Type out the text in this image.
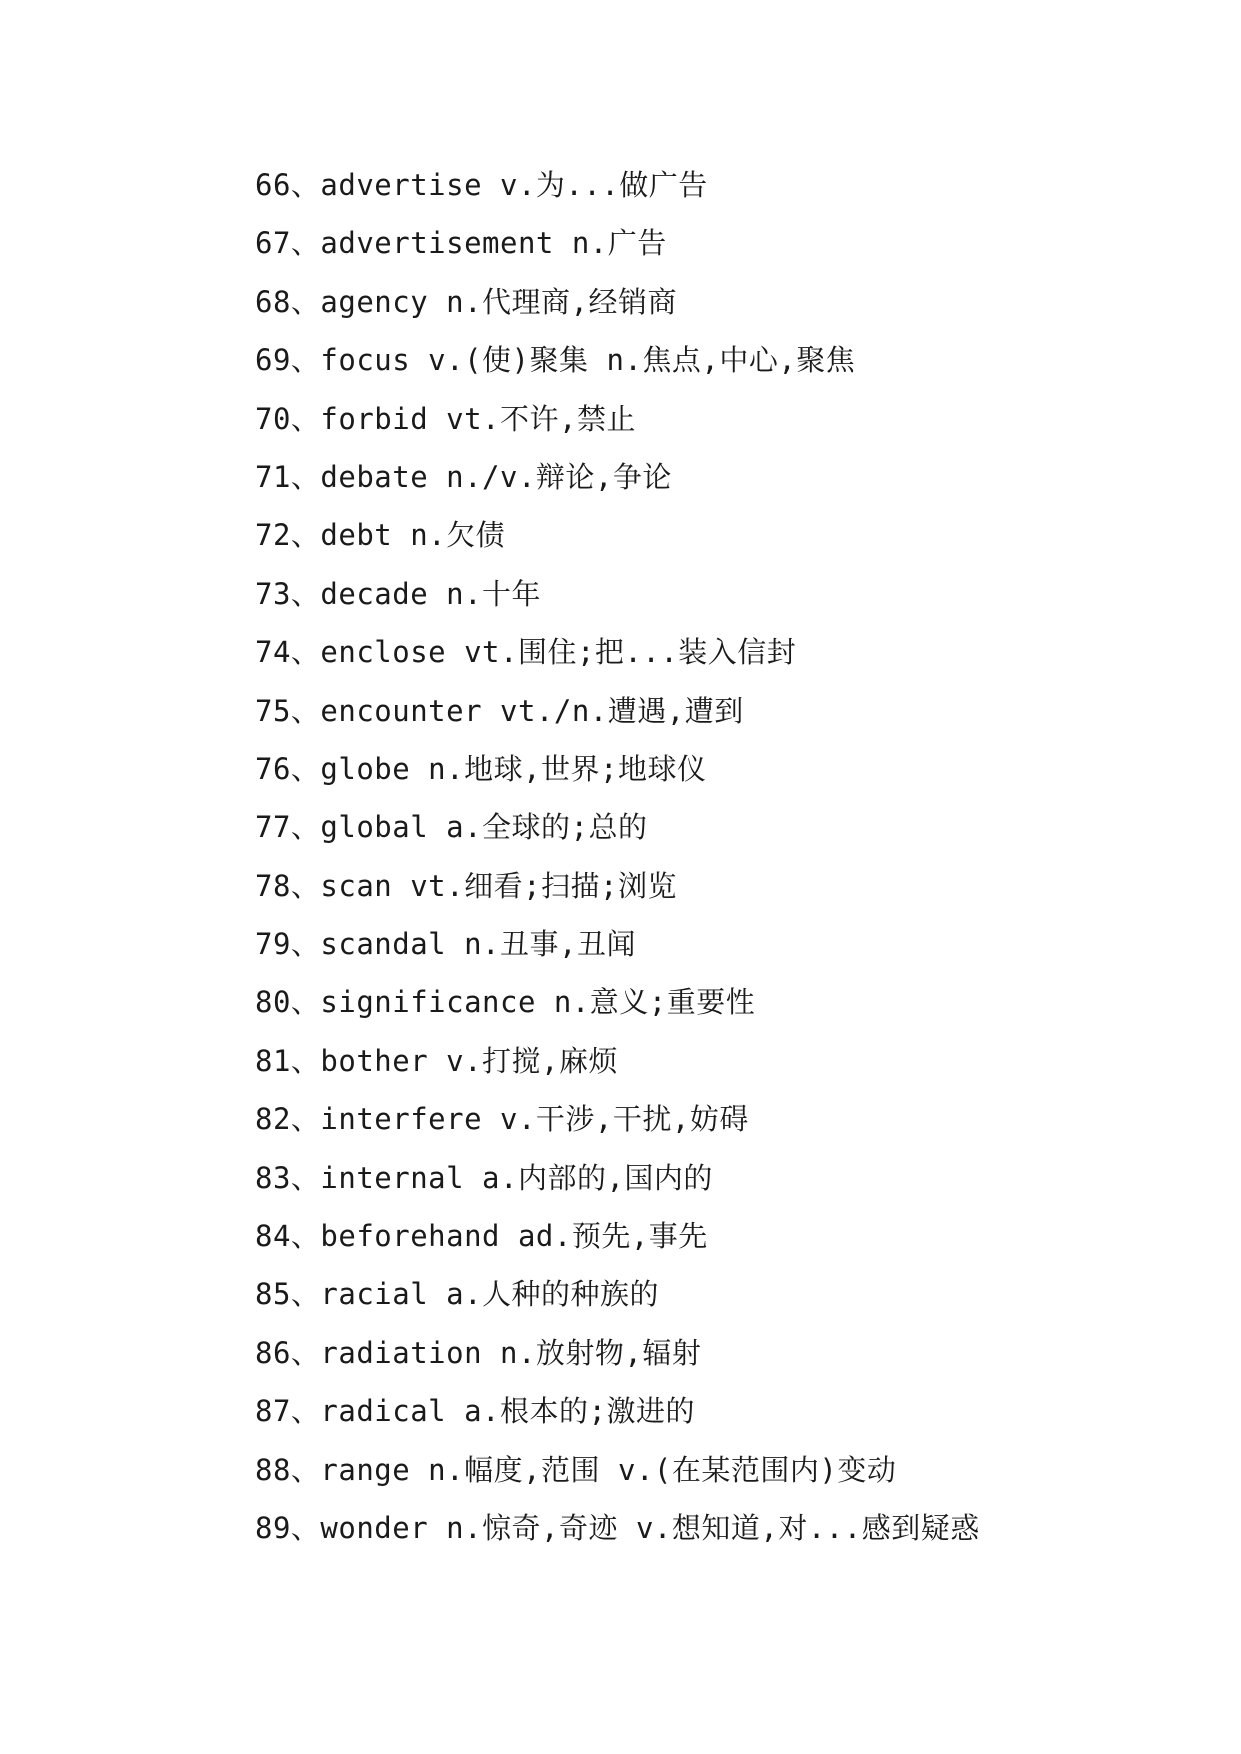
66、advertise v.为...做广告
67、advertisement n.广告
68、agency n.代理商,经销商
69、focus v.(使)聚集 n.焦点,中心,聚焦
70、forbid vt.不许,禁止
71、debate n./v.辩论,争论
72、debt n.欠债
73、decade n.十年
74、enclose vt.围住;把...装入信封
75、encounter vt./n.遭遇,遭到
76、globe n.地球,世界;地球仪
77、global a.全球的;总的
78、scan vt.细看;扫描;浏览
79、scandal n.丑事,丑闻
80、significance n.意义;重要性
81、bother v.打搅,麻烦
82、interfere v.干涉,干扰,妨碍
83、internal a.内部的,国内的
84、beforehand ad.预先,事先
85、racial a.人种的种族的
86、radiation n.放射物,辐射
87、radical a.根本的;激进的
88、range n.幅度,范围 v.(在某范围内)变动
89、wonder n.惊奇,奇迹 v.想知道,对...感到疑惑
